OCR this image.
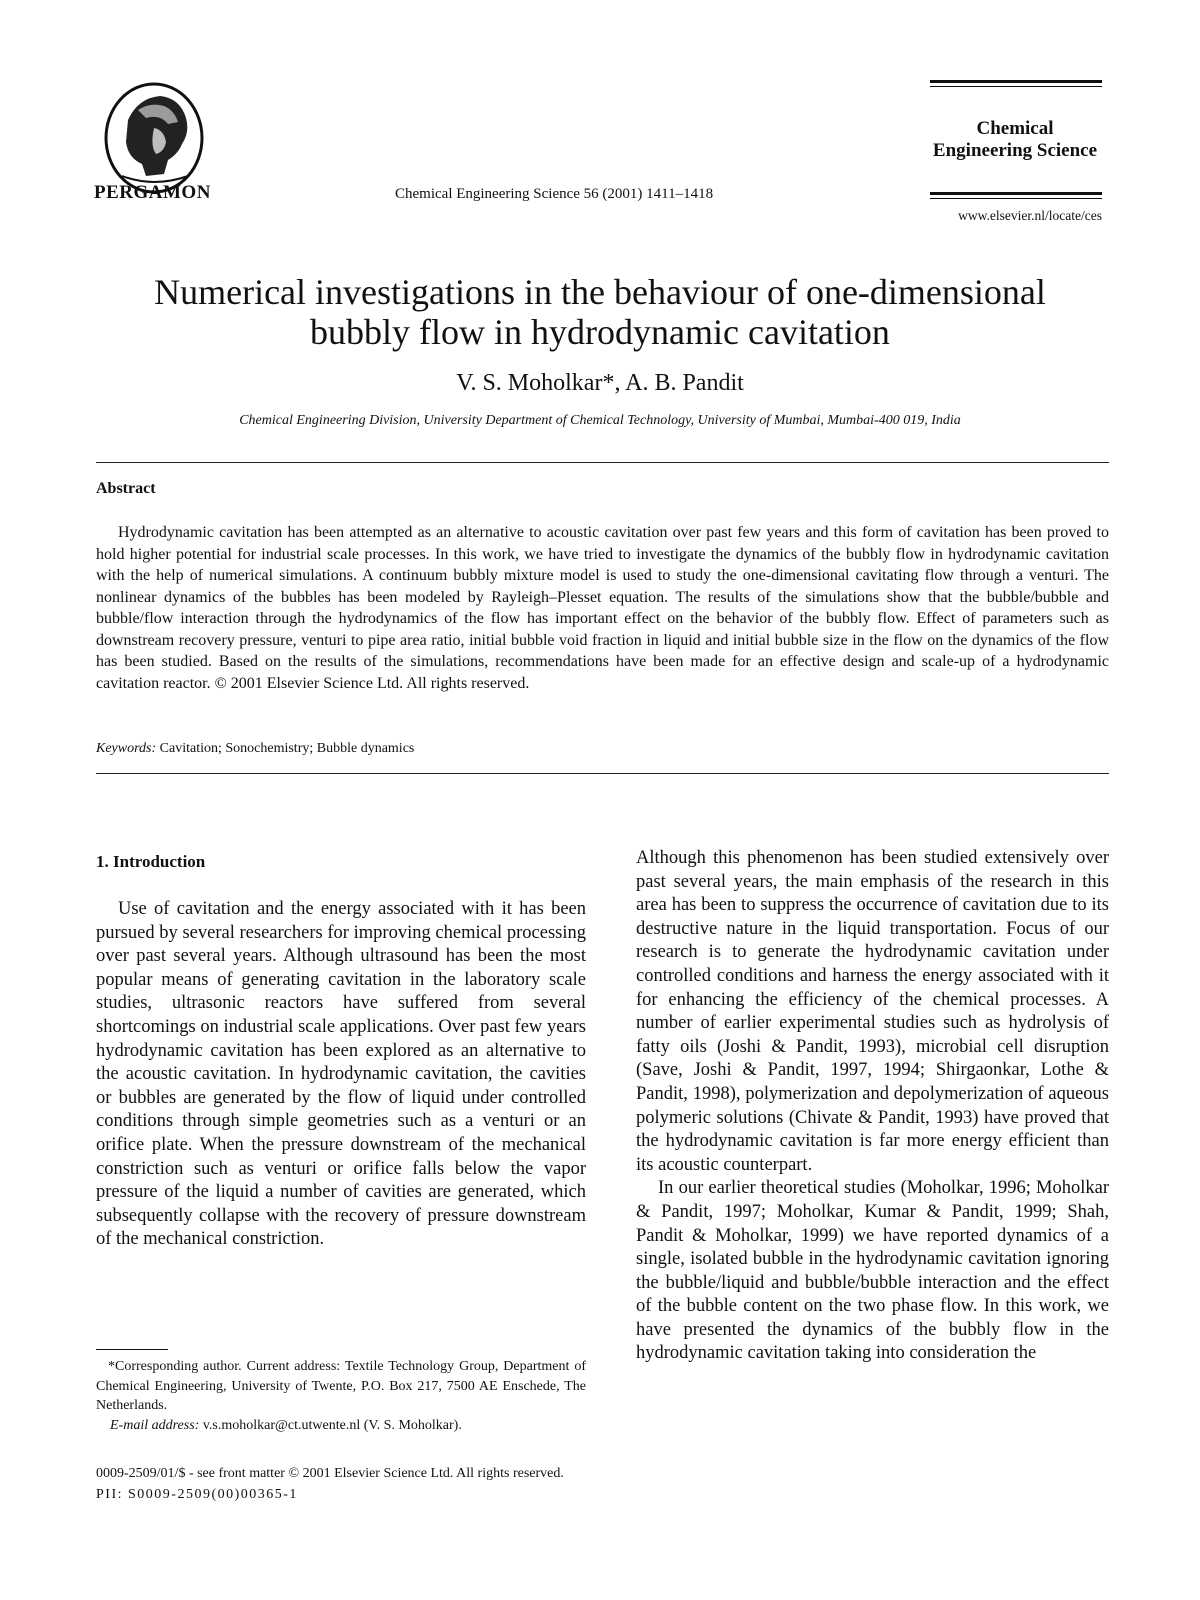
PERGAMON	Chemical Engineering Science 56 (2001) 1411–1418
Chemical
Engineering Science
www.elsevier.nl/locate/ces
Numerical investigations in the behaviour of one-dimensional
bubbly flow in hydrodynamic cavitation
V. S. Moholkar*, A. B. Pandit
Chemical Engineering Division, University Department of Chemical Technology, University of Mumbai, Mumbai-400 019, India
Abstract
Hydrodynamic cavitation has been attempted as an alternative to acoustic cavitation over past few years and this form of cavitation has been proved to hold higher potential for industrial scale processes. In this work, we have tried to investigate the dynamics of the bubbly flow in hydrodynamic cavitation with the help of numerical simulations. A continuum bubbly mixture model is used to study the one-dimensional cavitating flow through a venturi. The nonlinear dynamics of the bubbles has been modeled by Rayleigh–Plesset equation. The results of the simulations show that the bubble/bubble and bubble/flow interaction through the hydrodynamics of the flow has important effect on the behavior of the bubbly flow. Effect of parameters such as downstream recovery pressure, venturi to pipe area ratio, initial bubble void fraction in liquid and initial bubble size in the flow on the dynamics of the flow has been studied. Based on the results of the simulations, recommendations have been made for an effective design and scale-up of a hydrodynamic cavitation reactor. © 2001 Elsevier Science Ltd. All rights reserved.
Keywords: Cavitation; Sonochemistry; Bubble dynamics
1. Introduction
Use of cavitation and the energy associated with it has been pursued by several researchers for improving chemical processing over past several years. Although ultrasound has been the most popular means of generating cavitation in the laboratory scale studies, ultrasonic reactors have suffered from several shortcomings on industrial scale applications. Over past few years hydrodynamic cavitation has been explored as an alternative to the acoustic cavitation. In hydrodynamic cavitation, the cavities or bubbles are generated by the flow of liquid under controlled conditions through simple geometries such as a venturi or an orifice plate. When the pressure downstream of the mechanical constriction such as venturi or orifice falls below the vapor pressure of the liquid a number of cavities are generated, which subsequently collapse with the recovery of pressure downstream of the mechanical constriction.

Although this phenomenon has been studied extensively over past several years, the main emphasis of the research in this area has been to suppress the occurrence of cavitation due to its destructive nature in the liquid transportation. Focus of our research is to generate the hydrodynamic cavitation under controlled conditions and harness the energy associated with it for enhancing the efficiency of the chemical processes. A number of earlier experimental studies such as hydrolysis of fatty oils (Joshi & Pandit, 1993), microbial cell disruption (Save, Joshi & Pandit, 1997, 1994; Shirgaonkar, Lothe & Pandit, 1998), polymerization and depolymerization of aqueous polymeric solutions (Chivate & Pandit, 1993) have proved that the hydrodynamic cavitation is far more energy efficient than its acoustic counterpart.

In our earlier theoretical studies (Moholkar, 1996; Moholkar & Pandit, 1997; Moholkar, Kumar & Pandit, 1999; Shah, Pandit & Moholkar, 1999) we have reported dynamics of a single, isolated bubble in the hydrodynamic cavitation ignoring the bubble/liquid and bubble/bubble interaction and the effect of the bubble content on the two phase flow. In this work, we have presented the dynamics of the bubbly flow in the hydrodynamic cavitation taking into consideration the

*Corresponding author. Current address: Textile Technology Group, Department of Chemical Engineering, University of Twente, P.O. Box 217, 7500 AE Enschede, The Netherlands.
E-mail address: v.s.moholkar@ct.utwente.nl (V. S. Moholkar).
0009-2509/01/$ - see front matter © 2001 Elsevier Science Ltd. All rights reserved.
PII: S0009-2509(00)00365-1
